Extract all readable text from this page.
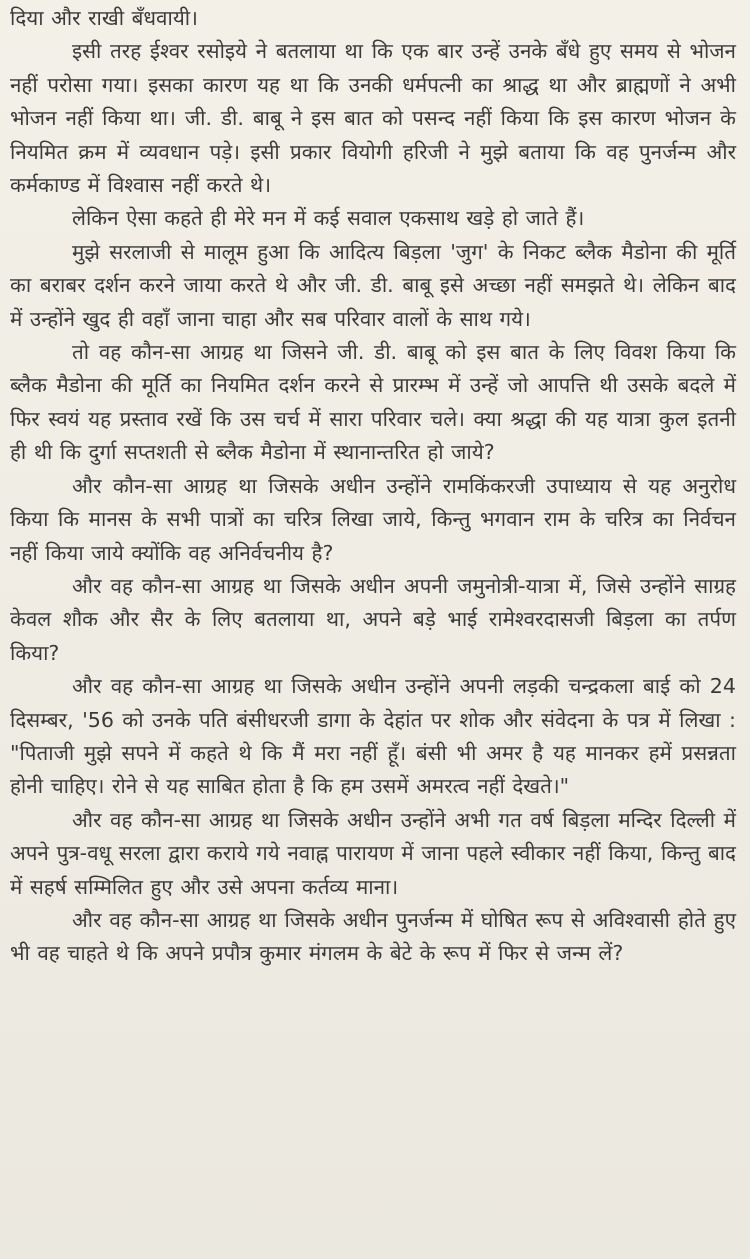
दिया और राखी बँधवायी।

इसी तरह ईश्वर रसोइये ने बतलाया था कि एक बार उन्हें उनके बँधे हुए समय से भोजन नहीं परोसा गया। इसका कारण यह था कि उनकी धर्मपत्नी का श्राद्ध था और ब्राह्मणों ने अभी भोजन नहीं किया था। जी. डी. बाबू ने इस बात को पसन्द नहीं किया कि इस कारण भोजन के नियमित क्रम में व्यवधान पड़े। इसी प्रकार वियोगी हरिजी ने मुझे बताया कि वह पुनर्जन्म और कर्मकाण्ड में विश्वास नहीं करते थे।

लेकिन ऐसा कहते ही मेरे मन में कई सवाल एकसाथ खड़े हो जाते हैं।

मुझे सरलाजी से मालूम हुआ कि आदित्य बिड़ला 'जुग' के निकट ब्लैक मैडोना की मूर्ति का बराबर दर्शन करने जाया करते थे और जी. डी. बाबू इसे अच्छा नहीं समझते थे। लेकिन बाद में उन्होंने खुद ही वहाँ जाना चाहा और सब परिवार वालों के साथ गये।

तो वह कौन-सा आग्रह था जिसने जी. डी. बाबू को इस बात के लिए विवश किया कि ब्लैक मैडोना की मूर्ति का नियमित दर्शन करने से प्रारम्भ में उन्हें जो आपत्ति थी उसके बदले में फिर स्वयं यह प्रस्ताव रखें कि उस चर्च में सारा परिवार चले। क्या श्रद्धा की यह यात्रा कुल इतनी ही थी कि दुर्गा सप्तशती से ब्लैक मैडोना में स्थानान्तरित हो जाये?

और कौन-सा आग्रह था जिसके अधीन उन्होंने रामकिंकरजी उपाध्याय से यह अनुरोध किया कि मानस के सभी पात्रों का चरित्र लिखा जाये, किन्तु भगवान राम के चरित्र का निर्वचन नहीं किया जाये क्योंकि वह अनिर्वचनीय है?

और वह कौन-सा आग्रह था जिसके अधीन अपनी जमुनोत्री-यात्रा में, जिसे उन्होंने साग्रह केवल शौक और सैर के लिए बतलाया था, अपने बड़े भाई रामेश्वरदासजी बिड़ला का तर्पण किया?

और वह कौन-सा आग्रह था जिसके अधीन उन्होंने अपनी लड़की चन्द्रकला बाई को 24 दिसम्बर, '56 को उनके पति बंसीधरजी डागा के देहांत पर शोक और संवेदना के पत्र में लिखा : "पिताजी मुझे सपने में कहते थे कि मैं मरा नहीं हूँ। बंसी भी अमर है यह मानकर हमें प्रसन्नता होनी चाहिए। रोने से यह साबित होता है कि हम उसमें अमरत्व नहीं देखते।"

और वह कौन-सा आग्रह था जिसके अधीन उन्होंने अभी गत वर्ष बिड़ला मन्दिर दिल्ली में अपने पुत्र-वधू सरला द्वारा कराये गये नवाह्न पारायण में जाना पहले स्वीकार नहीं किया, किन्तु बाद में सहर्ष सम्मिलित हुए और उसे अपना कर्तव्य माना।

और वह कौन-सा आग्रह था जिसके अधीन पुनर्जन्म में घोषित रूप से अविश्वासी होते हुए भी वह चाहते थे कि अपने प्रपौत्र कुमार मंगलम के बेटे के रूप में फिर से जन्म लें?
